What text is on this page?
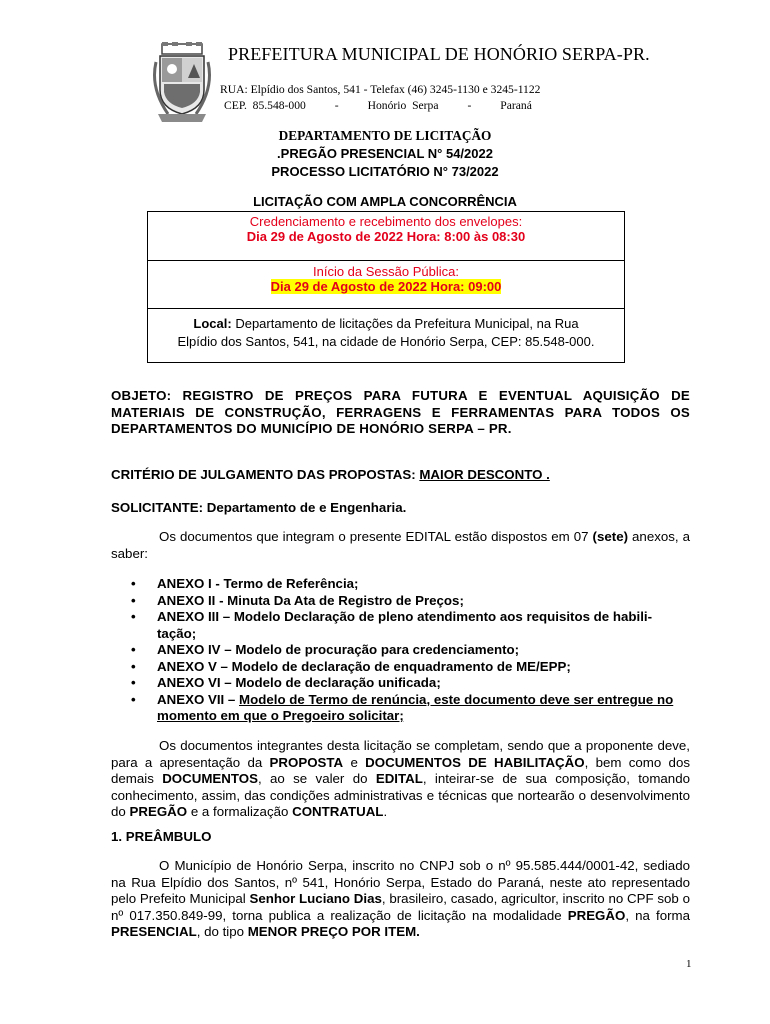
PREFEITURA MUNICIPAL DE HONÓRIO SERPA-PR.
RUA: Elpídio dos Santos, 541 - Telefax (46) 3245-1130 e 3245-1122
CEP.  85.548-000          -          Honório  Serpa          -          Paraná
DEPARTAMENTO DE LICITAÇÃO
.PREGÃO PRESENCIAL N° 54/2022
PROCESSO LICITATÓRIO N° 73/2022
LICITAÇÃO COM AMPLA CONCORRÊNCIA
Credenciamento e recebimento dos envelopes:
Dia 29 de Agosto de 2022 Hora: 8:00 às 08:30
Início da Sessão Pública:
Dia 29 de Agosto de 2022 Hora: 09:00
Local: Departamento de licitações da Prefeitura Municipal, na Rua
Elpídio dos Santos, 541, na cidade de Honório Serpa, CEP: 85.548-000.
OBJETO: REGISTRO DE PREÇOS PARA FUTURA E EVENTUAL AQUISIÇÃO DE MATERIAIS DE CONSTRUÇÃO, FERRAGENS E FERRAMENTAS PARA TODOS OS DEPARTAMENTOS DO MUNICÍPIO DE HONÓRIO SERPA – PR.
CRITÉRIO DE JULGAMENTO DAS PROPOSTAS: MAIOR DESCONTO .
SOLICITANTE: Departamento de e Engenharia.
Os documentos que integram o presente EDITAL estão dispostos em 07 (sete) anexos, a saber:
• ANEXO I - Termo de Referência;
• ANEXO II - Minuta Da Ata de Registro de Preços;
• ANEXO III – Modelo Declaração de pleno atendimento aos requisitos de habili-tação;
• ANEXO IV – Modelo de procuração para credenciamento;
• ANEXO V – Modelo de declaração de enquadramento de ME/EPP;
• ANEXO VI – Modelo de declaração unificada;
• ANEXO VII – Modelo de Termo de renúncia, este documento deve ser entregue no momento em que o Pregoeiro solicitar;
Os documentos integrantes desta licitação se completam, sendo que a proponente deve, para a apresentação da PROPOSTA e DOCUMENTOS DE HABILITAÇÃO, bem como dos demais DOCUMENTOS, ao se valer do EDITAL, inteirar-se de sua composição, tomando conhecimento, assim, das condições administrativas e técnicas que nortearão o desenvolvimento do PREGÃO e a formalização CONTRATUAL.
1. PREÂMBULO
O Município de Honório Serpa, inscrito no CNPJ sob o nº 95.585.444/0001-42, sediado na Rua Elpídio dos Santos, nº 541, Honório Serpa, Estado do Paraná, neste ato representado pelo Prefeito Municipal Senhor Luciano Dias, brasileiro, casado, agricultor, inscrito no CPF sob o nº 017.350.849-99, torna publica a realização de licitação na modalidade PREGÃO, na forma PRESENCIAL, do tipo MENOR PREÇO POR ITEM.
1
